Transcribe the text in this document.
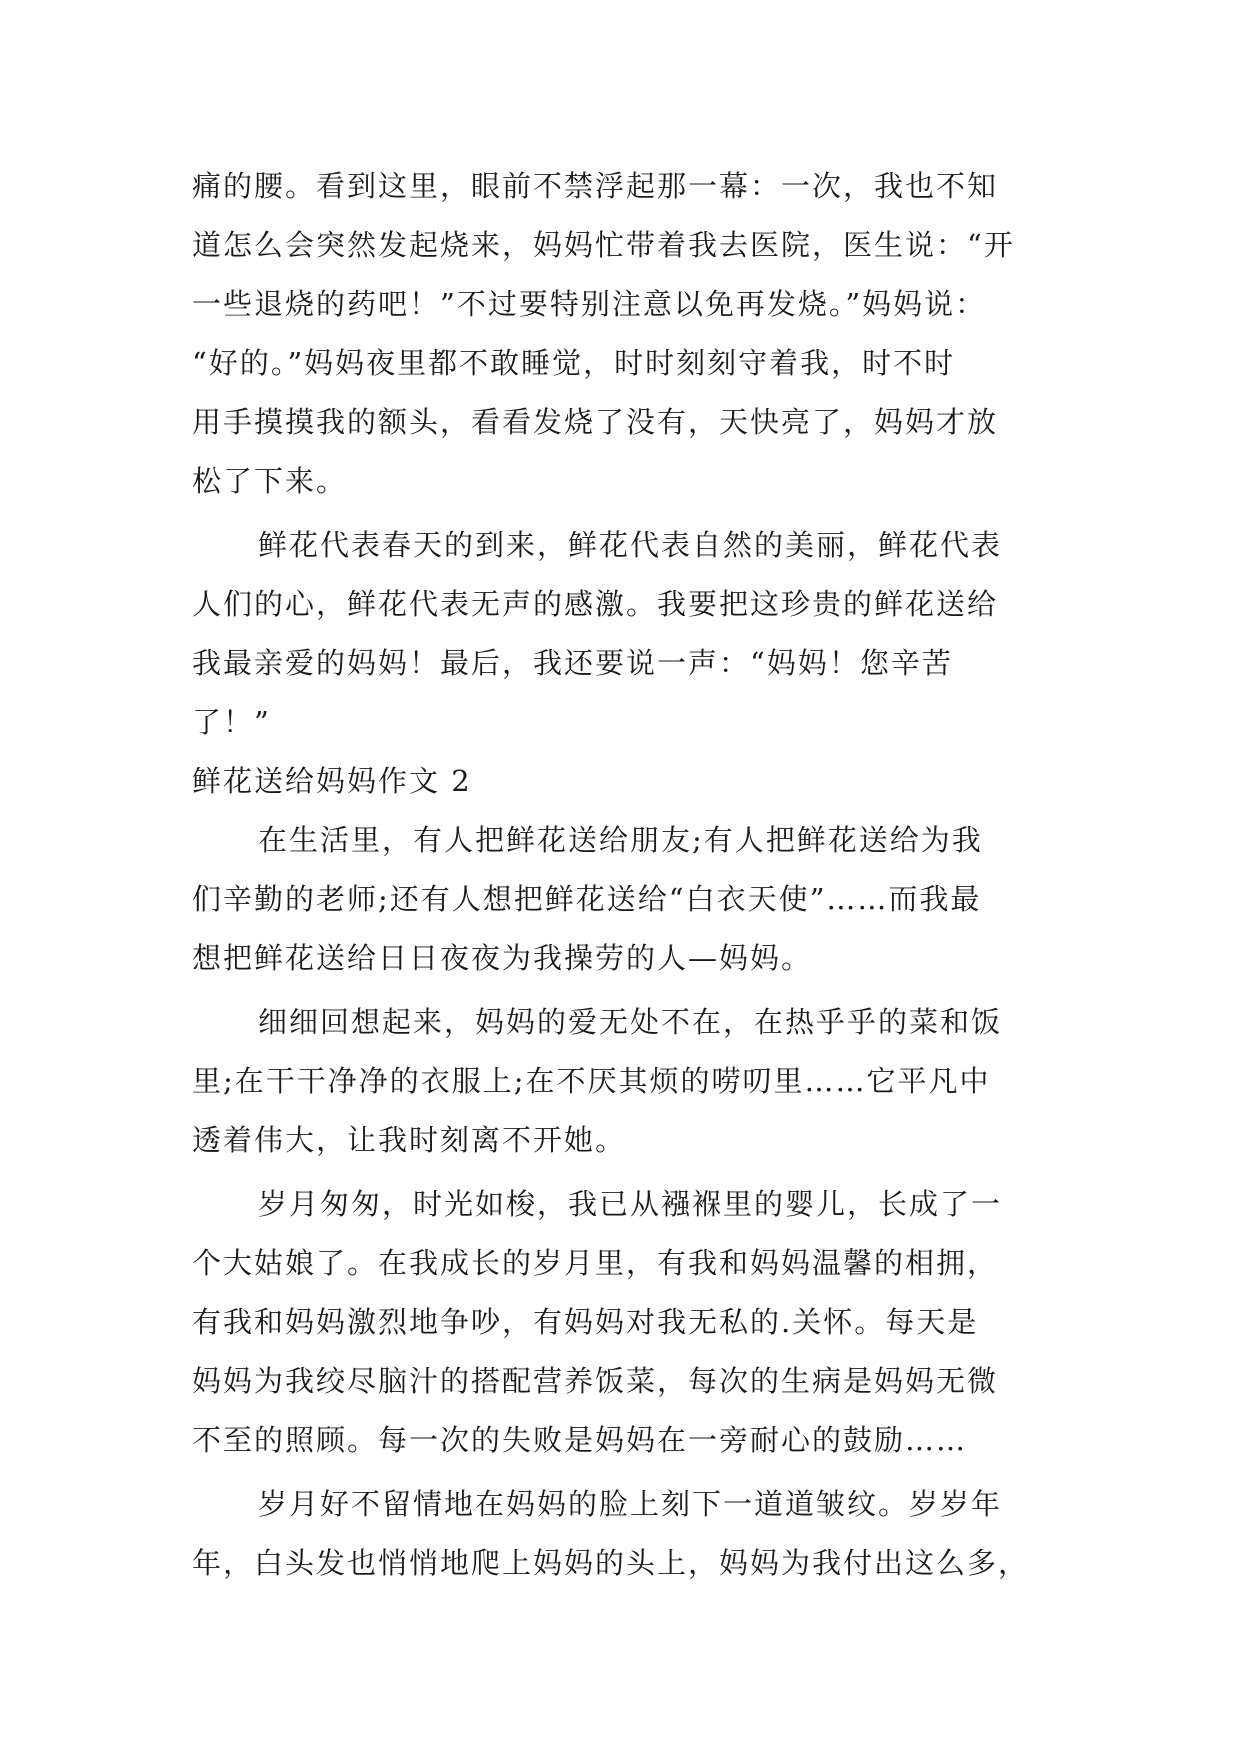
痛的腰。看到这里，眼前不禁浮起那一幕：一次，我也不知
道怎么会突然发起烧来，妈妈忙带着我去医院，医生说：“开
一些退烧的药吧！”不过要特别注意以免再发烧。”妈妈说：
“好的。”妈妈夜里都不敢睡觉，时时刻刻守着我，时不时
用手摸摸我的额头，看看发烧了没有，天快亮了，妈妈才放
松了下来。
鲜花代表春天的到来，鲜花代表自然的美丽，鲜花代表
人们的心，鲜花代表无声的感激。我要把这珍贵的鲜花送给
我最亲爱的妈妈！最后，我还要说一声：“妈妈！您辛苦
了！”
鲜花送给妈妈作文 2
在生活里，有人把鲜花送给朋友;有人把鲜花送给为我
们辛勤的老师;还有人想把鲜花送给“白衣天使”……而我最
想把鲜花送给日日夜夜为我操劳的人—妈妈。
细细回想起来，妈妈的爱无处不在，在热乎乎的菜和饭
里;在干干净净的衣服上;在不厌其烦的唠叨里……它平凡中
透着伟大，让我时刻离不开她。
岁月匆匆，时光如梭，我已从襁褓里的婴儿，长成了一
个大姑娘了。在我成长的岁月里，有我和妈妈温馨的相拥，
有我和妈妈激烈地争吵，有妈妈对我无私的.关怀。每天是
妈妈为我绞尽脑汁的搭配营养饭菜，每次的生病是妈妈无微
不至的照顾。每一次的失败是妈妈在一旁耐心的鼓励……
岁月好不留情地在妈妈的脸上刻下一道道皱纹。岁岁年
年，白头发也悄悄地爬上妈妈的头上，妈妈为我付出这么多，
